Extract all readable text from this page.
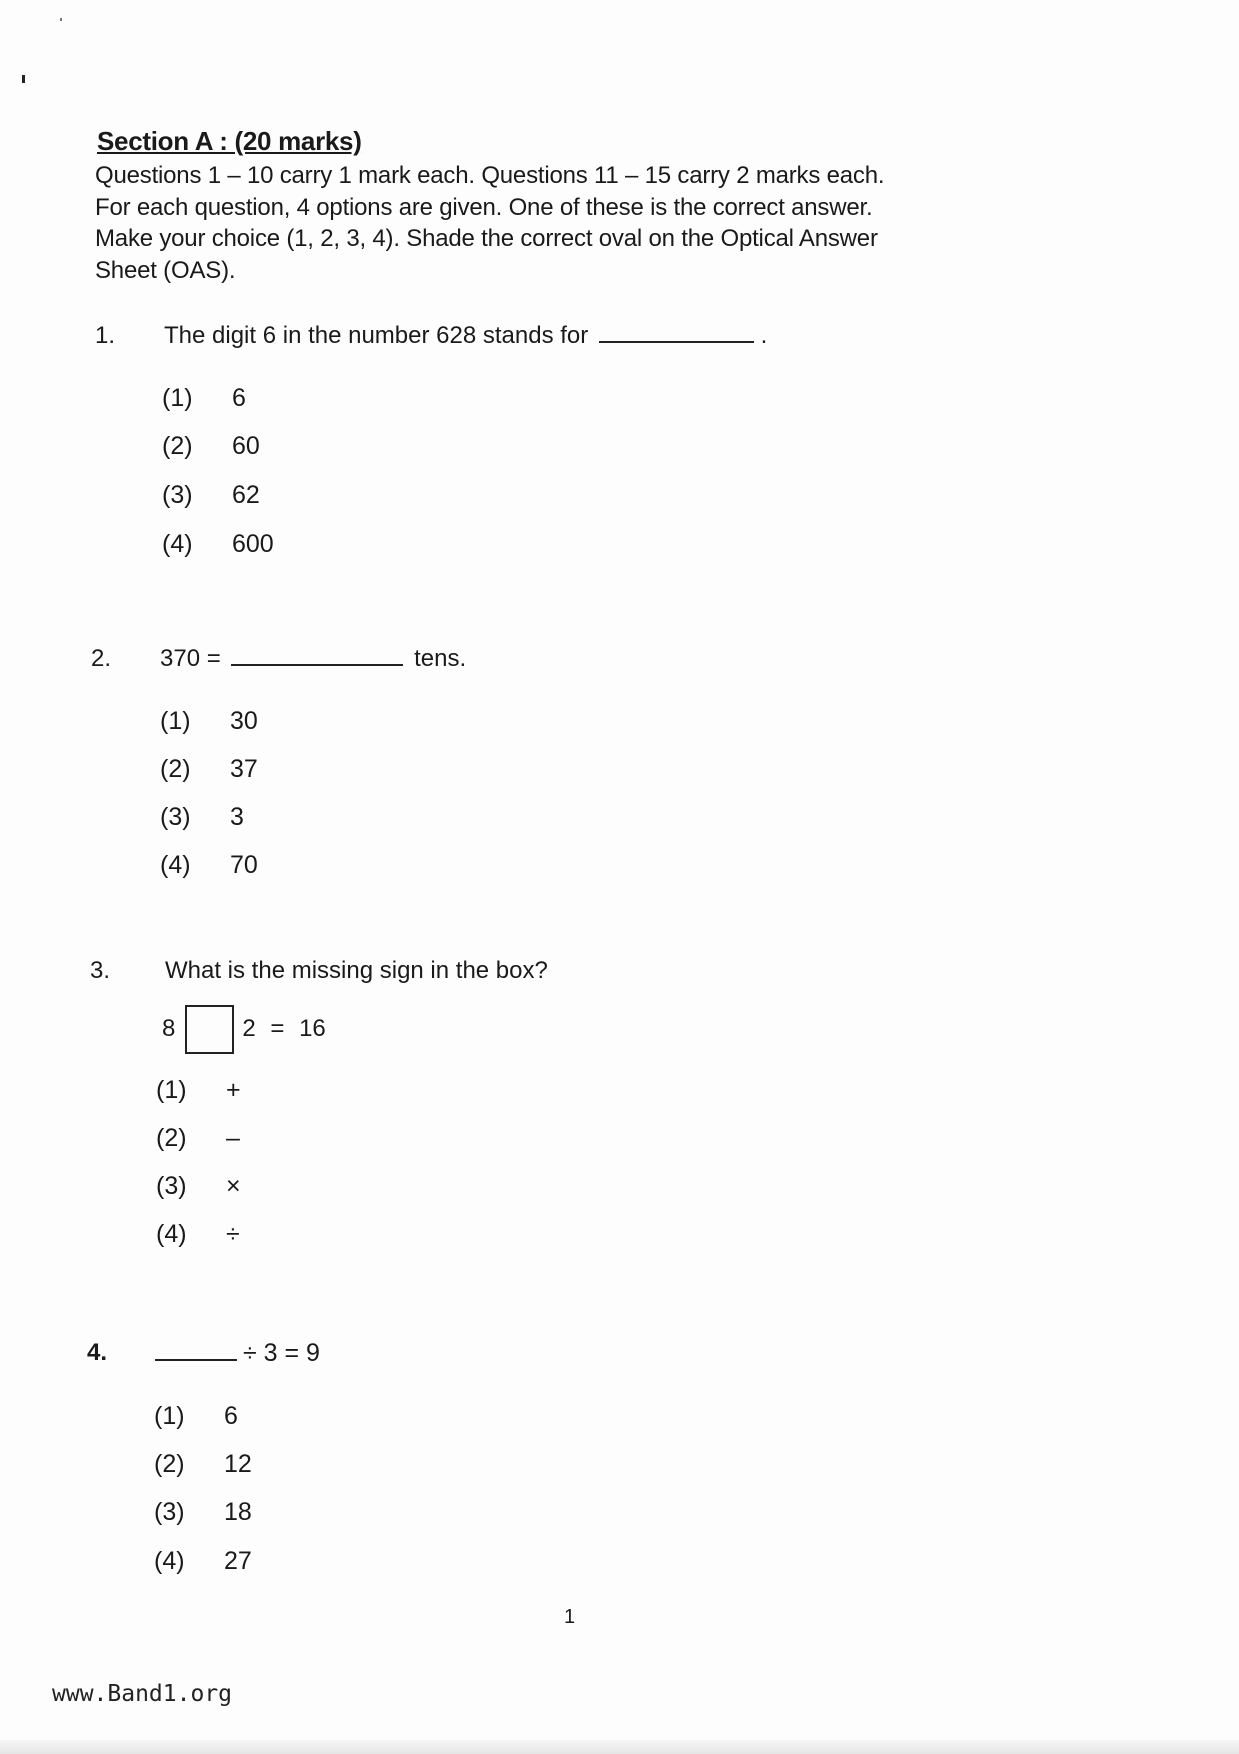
Section A : (20 marks)
Questions 1 – 10 carry 1 mark each. Questions 11 – 15 carry 2 marks each.
For each question, 4 options are given. One of these is the correct answer.
Make your choice (1, 2, 3, 4). Shade the correct oval on the Optical Answer
Sheet (OAS).
1. The digit 6 in the number 628 stands for	.
(1) 6
(2) 60
(3) 62
(4) 600
2. 370 =	tens.
(1) 30
(2) 37
(3) 3
(4) 70
3. What is the missing sign in the box?
8	2 = 16
(1) +
(2) –
(3) ×
(4) ÷
4.	÷ 3 = 9
(1) 6
(2) 12
(3) 18
(4) 27
1
www.Band1.org
